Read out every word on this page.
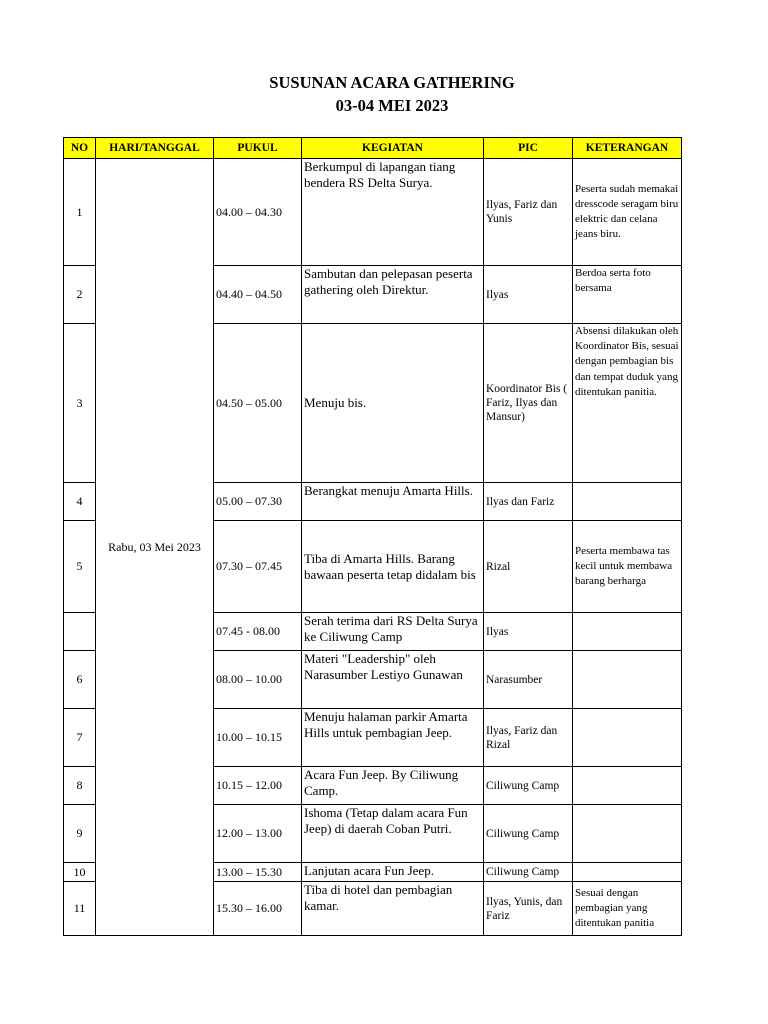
SUSUNAN ACARA GATHERING
03-04 MEI 2023
NO	HARI/TANGGAL	PUKUL	KEGIATAN	PIC	KETERANGAN
1	Rabu, 03 Mei 2023	04.00 – 04.30	Berkumpul di lapangan tiang bendera RS Delta Surya.	Ilyas, Fariz dan Yunis	Peserta sudah memakai dresscode seragam biru elektric dan celana jeans biru.
2		04.40 – 04.50	Sambutan dan pelepasan peserta gathering oleh Direktur.	Ilyas	Berdoa serta foto bersama
3		04.50 – 05.00	Menuju bis.	Koordinator Bis ( Fariz, Ilyas dan Mansur)	Absensi dilakukan oleh Koordinator Bis, sesuai dengan pembagian bis dan tempat duduk yang ditentukan panitia.
4		05.00 – 07.30	Berangkat menuju Amarta Hills.	Ilyas dan Fariz	
5		07.30 – 07.45	Tiba di Amarta Hills. Barang bawaan peserta tetap didalam bis	Rizal	Peserta membawa tas kecil untuk membawa barang berharga
		07.45 - 08.00	Serah terima dari RS Delta Surya ke Ciliwung Camp	Ilyas	
6		08.00 – 10.00	Materi "Leadership" oleh Narasumber Lestiyo Gunawan	Narasumber	
7		10.00 – 10.15	Menuju halaman parkir Amarta Hills untuk pembagian Jeep.	Ilyas, Fariz dan Rizal	
8		10.15 – 12.00	Acara Fun Jeep. By Ciliwung Camp.	Ciliwung Camp	
9		12.00 – 13.00	Ishoma (Tetap dalam acara Fun Jeep) di daerah Coban Putri.	Ciliwung Camp	
10		13.00 – 15.30	Lanjutan acara Fun Jeep.	Ciliwung Camp	
11		15.30 – 16.00	Tiba di hotel dan pembagian kamar.	Ilyas, Yunis, dan Fariz	Sesuai dengan pembagian yang ditentukan panitia
